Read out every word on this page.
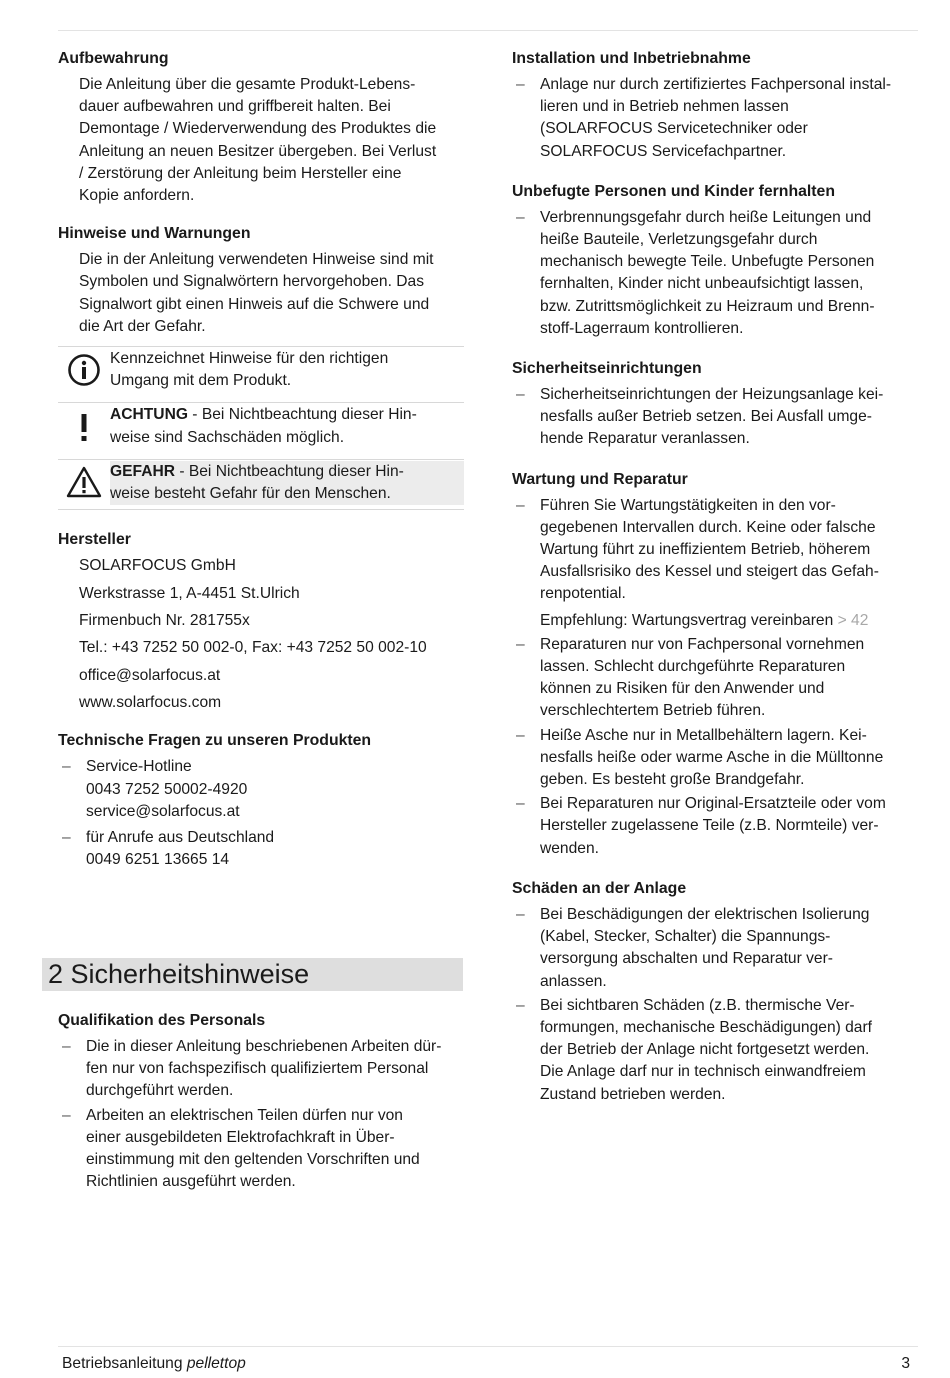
Aufbewahrung
Die Anleitung über die gesamte Produkt-Lebens-
dauer aufbewahren und griffbereit halten. Bei
Demontage / Wiederverwendung des Produktes die
Anleitung an neuen Besitzer übergeben. Bei Verlust
/ Zerstörung der Anleitung beim Hersteller eine
Kopie anfordern.
Hinweise und Warnungen
Die in der Anleitung verwendeten Hinweise sind mit
Symbolen und Signalwörtern hervorgehoben. Das
Signalwort gibt einen Hinweis auf die Schwere und
die Art der Gefahr.
Kennzeichnet Hinweise für den richtigen
Umgang mit dem Produkt.
ACHTUNG - Bei Nichtbeachtung dieser Hin-
weise sind Sachschäden möglich.
GEFAHR - Bei Nichtbeachtung dieser Hin-
weise besteht Gefahr für den Menschen.
Hersteller

SOLARFOCUS GmbH

Werkstrasse 1, A-4451 St.Ulrich

Firmenbuch Nr. 281755x

Tel.: +43 7252 50 002-0, Fax: +43 7252 50 002-10

office@solarfocus.at

www.solarfocus.com

Technische Fragen zu unseren Produkten
– Service-Hotline
0043 7252 50002-4920
service@solarfocus.at
– für Anrufe aus Deutschland
0049 6251 13665 14
2 Sicherheitshinweise
Qualifikation des Personals
– Die in dieser Anleitung beschriebenen Arbeiten dür-
fen nur von fachspezifisch qualifiziertem Personal
durchgeführt werden.
– Arbeiten an elektrischen Teilen dürfen nur von
einer ausgebildeten Elektrofachkraft in Über-
einstimmung mit den geltenden Vorschriften und
Richtlinien ausgeführt werden.
Installation und Inbetriebnahme
– Anlage nur durch zertifiziertes Fachpersonal instal-
lieren und in Betrieb nehmen lassen
(SOLARFOCUS Servicetechniker oder
SOLARFOCUS Servicefachpartner.
Unbefugte Personen und Kinder fernhalten
– Verbrennungsgefahr durch heiße Leitungen und
heiße Bauteile, Verletzungsgefahr durch
mechanisch bewegte Teile. Unbefugte Personen
fernhalten, Kinder nicht unbeaufsichtigt lassen,
bzw. Zutrittsmöglichkeit zu Heizraum und Brenn-
stoff-Lagerraum kontrollieren.
Sicherheitseinrichtungen
– Sicherheitseinrichtungen der Heizungsanlage kei-
nesfalls außer Betrieb setzen. Bei Ausfall umge-
hende Reparatur veranlassen.
Wartung und Reparatur
– Führen Sie Wartungstätigkeiten in den vor-
gegebenen Intervallen durch. Keine oder falsche
Wartung führt zu ineffizientem Betrieb, höherem
Ausfallsrisiko des Kessel und steigert das Gefah-
renpotential.
Empfehlung: Wartungsvertrag vereinbaren > 42
– Reparaturen nur von Fachpersonal vornehmen
lassen. Schlecht durchgeführte Reparaturen
können zu Risiken für den Anwender und
verschlechtertem Betrieb führen.
– Heiße Asche nur in Metallbehältern lagern. Kei-
nesfalls heiße oder warme Asche in die Mülltonne
geben. Es besteht große Brandgefahr.
– Bei Reparaturen nur Original-Ersatzteile oder vom
Hersteller zugelassene Teile (z.B. Normteile) ver-
wenden.
Schäden an der Anlage
– Bei Beschädigungen der elektrischen Isolierung
(Kabel, Stecker, Schalter) die Spannungs-
versorgung abschalten und Reparatur ver-
anlassen.
– Bei sichtbaren Schäden (z.B. thermische Ver-
formungen, mechanische Beschädigungen) darf
der Betrieb der Anlage nicht fortgesetzt werden.
Die Anlage darf nur in technisch einwandfreiem
Zustand betrieben werden.
Betriebsanleitung pellettop	3
